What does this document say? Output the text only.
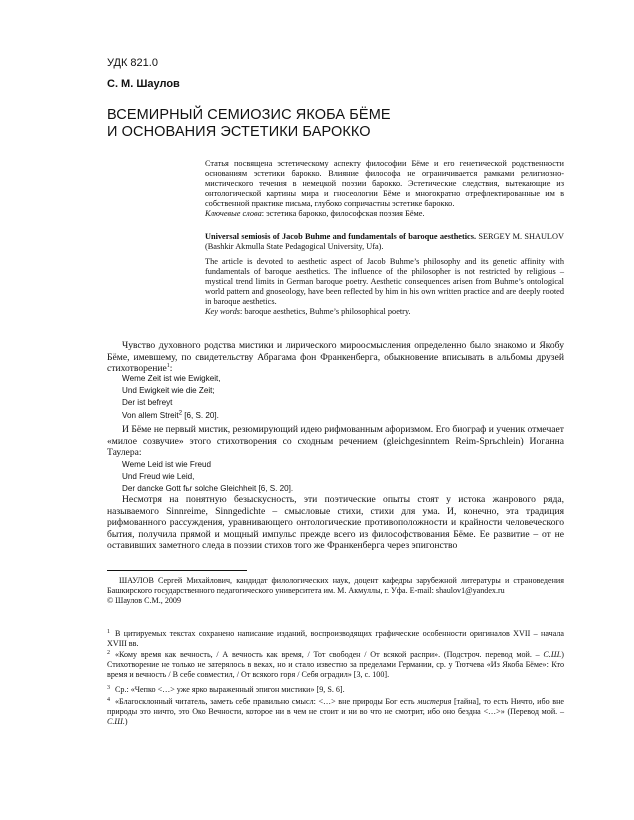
УДК 821.0
С. М. Шаулов
ВСЕМИРНЫЙ СЕМИОЗИС ЯКОБА БЁМЕ
И ОСНОВАНИЯ ЭСТЕТИКИ БАРОККО

Статья посвящена эстетическому аспекту философии Бёме и его генетической родственности основаниям эстетики барокко. Влияние философа не ограничивается рамками религиозно-мистического течения в немецкой поэзии барокко. Эстетические следствия, вытекающие из онтологической картины мира и гносеологии Бёме и многократно отрефлектированные им в собственной практике письма, глубоко сопричастны эстетике барокко.

Ключевые слова: эстетика барокко, философская поэзия Бёме.

Universal semiosis of Jacob Buhme and fundamentals of baroque aesthetics. SERGEY M. SHAULOV (Bashkir Akmulla State Pedagogical University, Ufa).

The article is devoted to aesthetic aspect of Jacob Buhme’s philosophy and its genetic affinity with fundamentals of baroque aesthetics. The influence of the philosopher is not restricted by religious – mystical trend limits in German baroque poetry. Aesthetic consequences arisen from Buhme’s ontological world pattern and gnoseology, have been reflected by him in his own written practice and are deeply rooted in baroque aesthetics.

Key words: baroque aesthetics, Buhme’s philosophical poetry.

Чувство духовного родства мистики и лирического мироосмысления определенно было знакомо и Якобу Бёме, имевшему, по свидетельству Абрагама фон Франкенберга, обыкновение вписывать в альбомы друзей стихотворение$^1$:

Wеmе Zeit ist wie Ewigkeit,
Und Ewigkeit wie die Zeit;
Der ist befreyt
Von allem Streit$^2$ [6, S. 20].

И Бёме не первый мистик, резюмирующий идею рифмованным афоризмом. Его биограф и ученик отмечает «милое созвучие» этого стихотворения со сходным речением (gleichgesinntem Reim-Sprьchlein) Иоганна Таулера:

Wеmе Leid ist wie Freud
Und Freud wie Leid,
Der dancke Gott fьr solche Gleichheit [6, S. 20].

Несмотря на понятную безыскусность, эти поэтические опыты стоят у истока жанрового ряда, называемого Sinnreime, Sinngedichte – смысловые стихи, стихи для ума. И, конечно, эта традиция рифмованного рассуждения, уравнивающего онтологические противоположности и крайности человеческого бытия, получила прямой и мощный импульс прежде всего из философствования Бёме. Ее развитие – от не оставивших заметного следа в поэзии стихов того же Франкенберга через эпигонство

ШАУЛОВ Сергей Михайлович, кандидат филологических наук, доцент кафедры зарубежной литературы и страноведения Башкирского государственного педагогического университета им. М. Акмуллы, г. Уфа. E-mail: shaulov1@yandex.ru

© Шаулов С.М., 2009

$^1$ В цитируемых текстах сохранено написание изданий, воспроизводящих графические особенности оригиналов XVII – начала XVIII вв.

$^2$ «Кому время как вечность, / А вечность как время, / Тот свободен / От всякой распри». (Подстроч. перевод мой. – С.Ш.) Стихотворение не только не затерялось в веках, но и стало известно за пределами Германии, ср. у Тютчева «Из Якоба Бёме»: Кто время и вечность / В себе совместил, / От всякого горя / Себя оградил» [3, с. 100].

$^3$ Ср.: «Чепко <…> уже ярко выраженный эпигон мистики» [9, S. 6].

$^4$ «Благосклонный читатель, заметь себе правильно смысл: <…> вне природы Бог есть мистерия [тайна], то есть Ничто, ибо вне природы это ничто, это Око Вечности, которое ни в чем не стоит и ни во что не смотрит, ибо оно бездна <…>» (Перевод мой. – С.Ш.)
